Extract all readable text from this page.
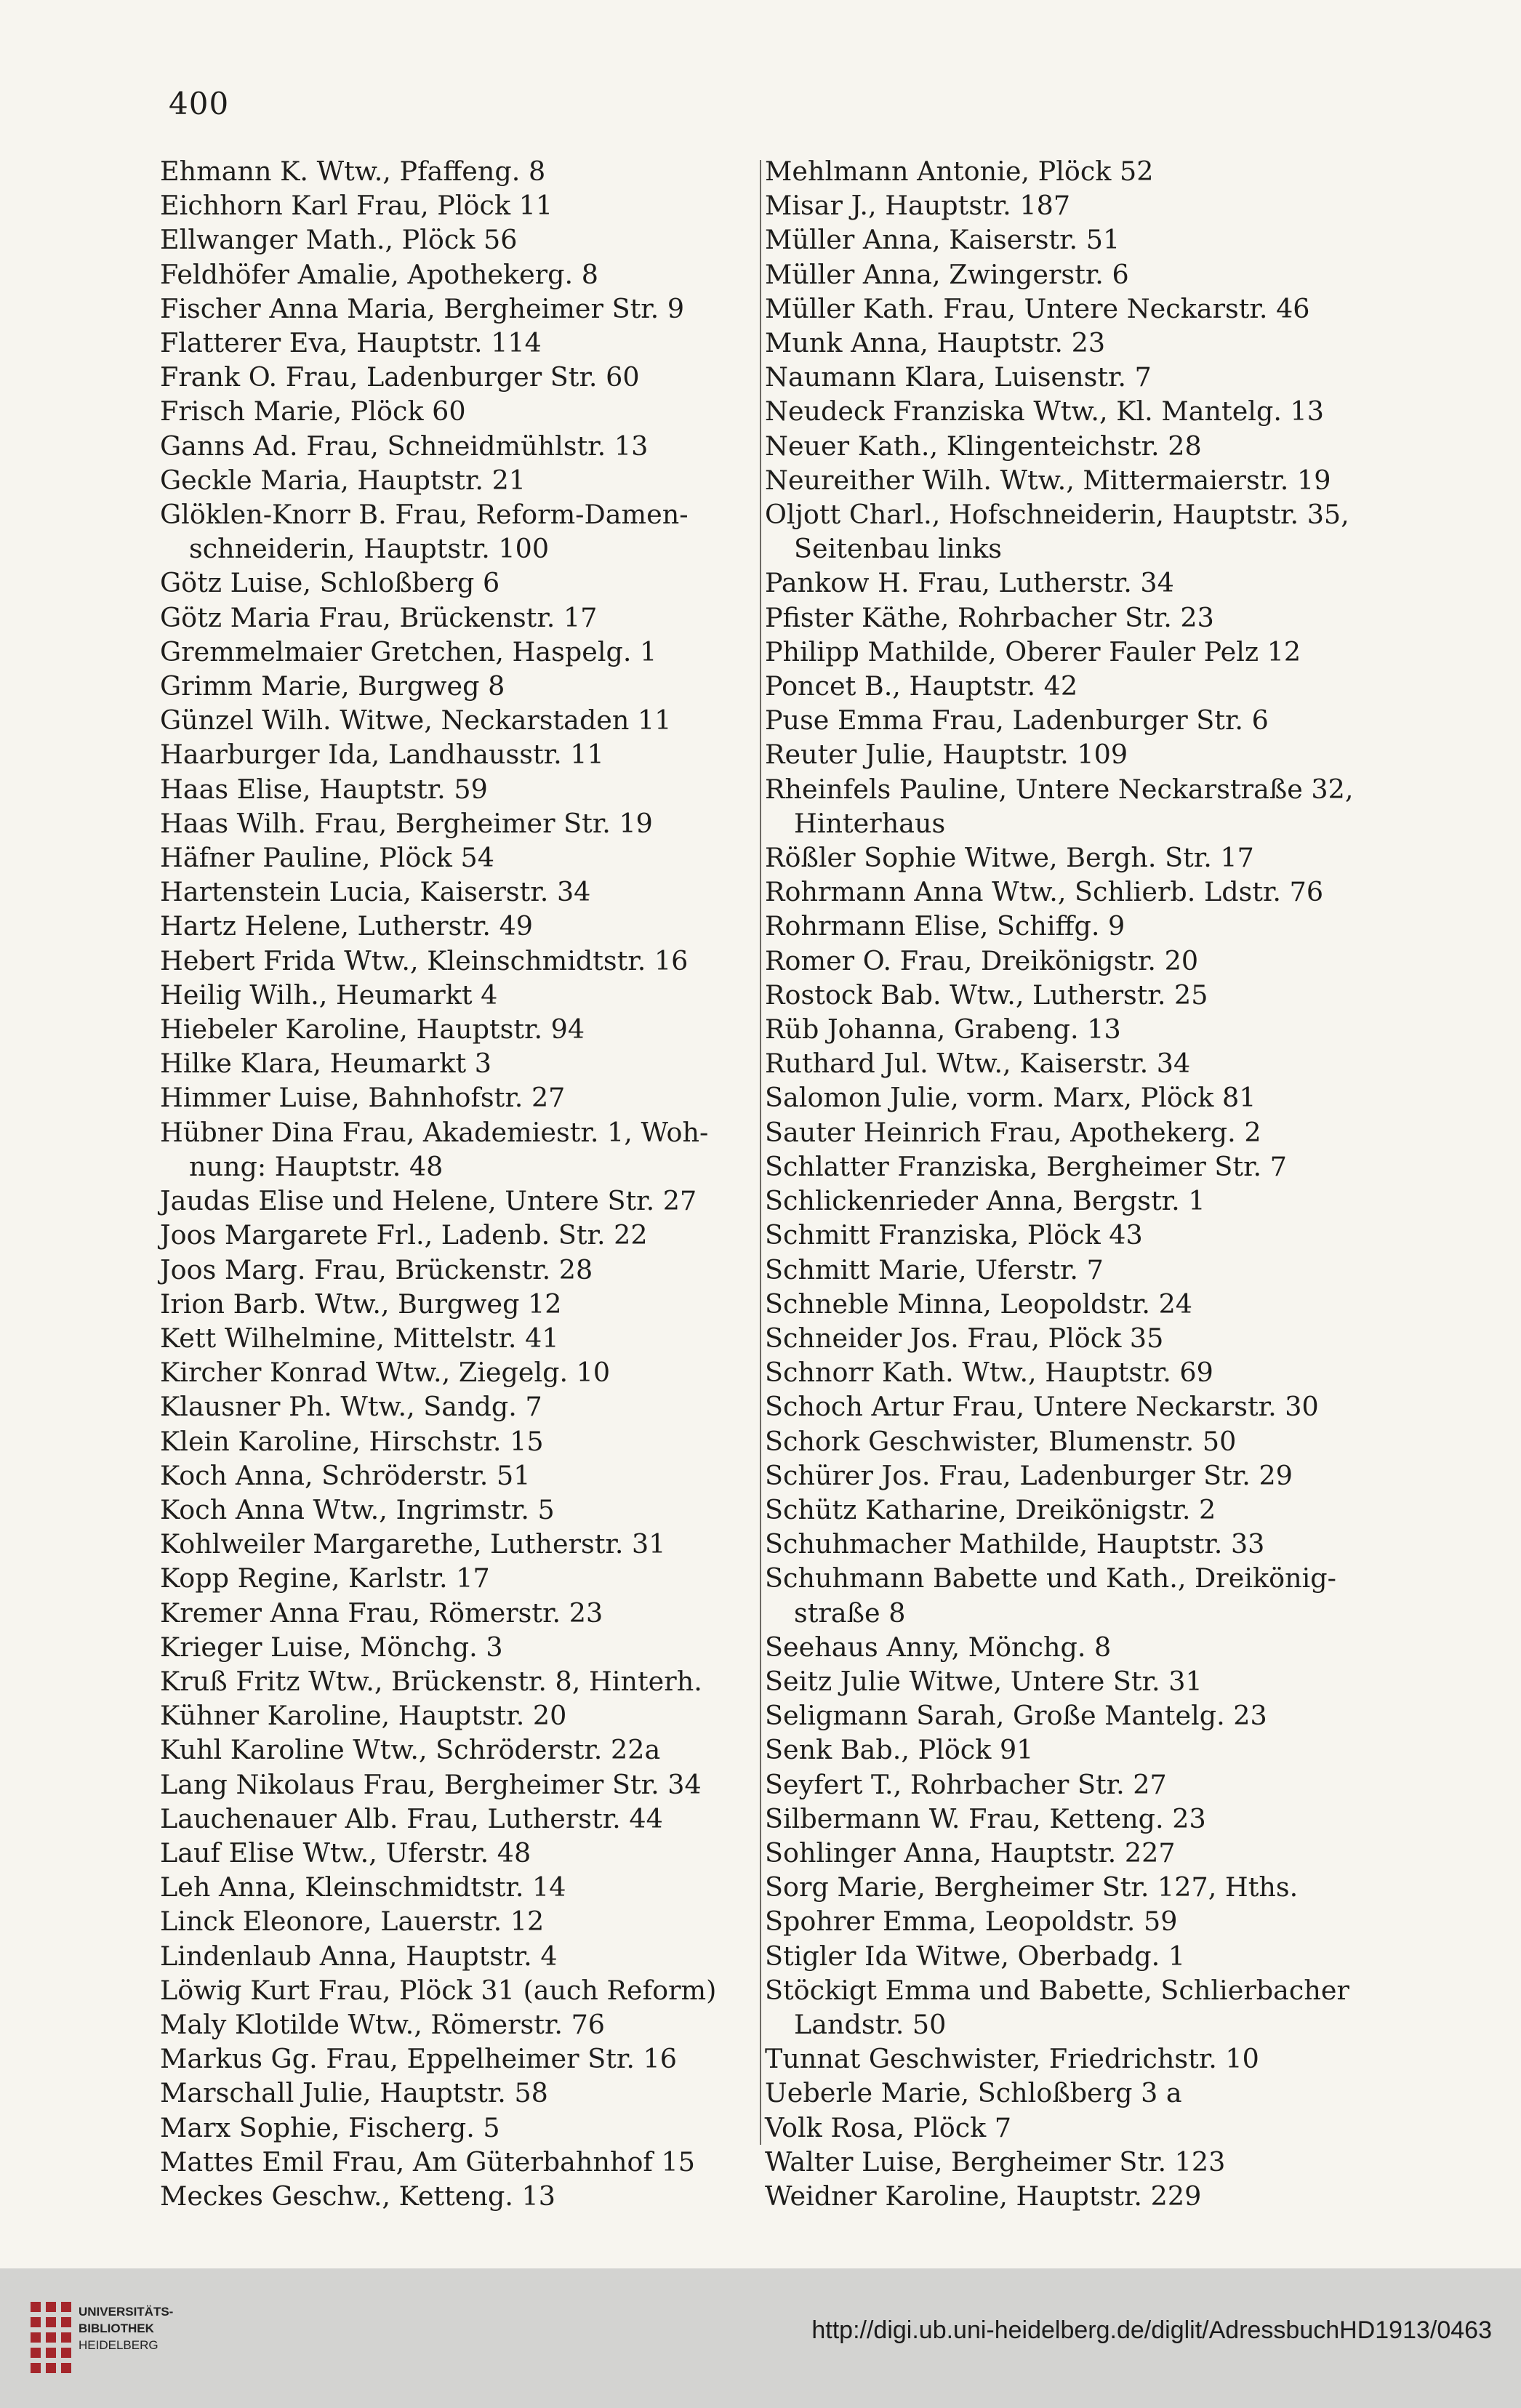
400
Ehmann K. Wtw., Pfaffeng. 8
Eichhorn Karl Frau, Plöck 11
Ellwanger Math., Plöck 56
Feldhöfer Amalie, Apothekerg. 8
Fischer Anna Maria, Bergheimer Str. 9
Flatterer Eva, Hauptstr. 114
Frank O. Frau, Ladenburger Str. 60
Frisch Marie, Plöck 60
Ganns Ad. Frau, Schneidmühlstr. 13
Geckle Maria, Hauptstr. 21
Glöklen-Knorr B. Frau, Reform-Damen-
schneiderin, Hauptstr. 100
Götz Luise, Schloßberg 6
Götz Maria Frau, Brückenstr. 17
Gremmelmaier Gretchen, Haspelg. 1
Grimm Marie, Burgweg 8
Günzel Wilh. Witwe, Neckarstaden 11
Haarburger Ida, Landhausstr. 11
Haas Elise, Hauptstr. 59
Haas Wilh. Frau, Bergheimer Str. 19
Häfner Pauline, Plöck 54
Hartenstein Lucia, Kaiserstr. 34
Hartz Helene, Lutherstr. 49
Hebert Frida Wtw., Kleinschmidtstr. 16
Heilig Wilh., Heumarkt 4
Hiebeler Karoline, Hauptstr. 94
Hilke Klara, Heumarkt 3
Himmer Luise, Bahnhofstr. 27
Hübner Dina Frau, Akademiestr. 1, Woh-
nung: Hauptstr. 48
Jaudas Elise und Helene, Untere Str. 27
Joos Margarete Frl., Ladenb. Str. 22
Joos Marg. Frau, Brückenstr. 28
Irion Barb. Wtw., Burgweg 12
Kett Wilhelmine, Mittelstr. 41
Kircher Konrad Wtw., Ziegelg. 10
Klausner Ph. Wtw., Sandg. 7
Klein Karoline, Hirschstr. 15
Koch Anna, Schröderstr. 51
Koch Anna Wtw., Ingrimstr. 5
Kohlweiler Margarethe, Lutherstr. 31
Kopp Regine, Karlstr. 17
Kremer Anna Frau, Römerstr. 23
Krieger Luise, Mönchg. 3
Kruß Fritz Wtw., Brückenstr. 8, Hinterh.
Kühner Karoline, Hauptstr. 20
Kuhl Karoline Wtw., Schröderstr. 22a
Lang Nikolaus Frau, Bergheimer Str. 34
Lauchenauer Alb. Frau, Lutherstr. 44
Lauf Elise Wtw., Uferstr. 48
Leh Anna, Kleinschmidtstr. 14
Linck Eleonore, Lauerstr. 12
Lindenlaub Anna, Hauptstr. 4
Löwig Kurt Frau, Plöck 31 (auch Reform)
Maly Klotilde Wtw., Römerstr. 76
Markus Gg. Frau, Eppelheimer Str. 16
Marschall Julie, Hauptstr. 58
Marx Sophie, Fischerg. 5
Mattes Emil Frau, Am Güterbahnhof 15
Meckes Geschw., Ketteng. 13
Mehlmann Antonie, Plöck 52
Misar J., Hauptstr. 187
Müller Anna, Kaiserstr. 51
Müller Anna, Zwingerstr. 6
Müller Kath. Frau, Untere Neckarstr. 46
Munk Anna, Hauptstr. 23
Naumann Klara, Luisenstr. 7
Neudeck Franziska Wtw., Kl. Mantelg. 13
Neuer Kath., Klingenteichstr. 28
Neureither Wilh. Wtw., Mittermaierstr. 19
Oljott Charl., Hofschneiderin, Hauptstr. 35,
Seitenbau links
Pankow H. Frau, Lutherstr. 34
Pfister Käthe, Rohrbacher Str. 23
Philipp Mathilde, Oberer Fauler Pelz 12
Poncet B., Hauptstr. 42
Puse Emma Frau, Ladenburger Str. 6
Reuter Julie, Hauptstr. 109
Rheinfels Pauline, Untere Neckarstraße 32,
Hinterhaus
Rößler Sophie Witwe, Bergh. Str. 17
Rohrmann Anna Wtw., Schlierb. Ldstr. 76
Rohrmann Elise, Schiffg. 9
Romer O. Frau, Dreikönigstr. 20
Rostock Bab. Wtw., Lutherstr. 25
Rüb Johanna, Grabeng. 13
Ruthard Jul. Wtw., Kaiserstr. 34
Salomon Julie, vorm. Marx, Plöck 81
Sauter Heinrich Frau, Apothekerg. 2
Schlatter Franziska, Bergheimer Str. 7
Schlickenrieder Anna, Bergstr. 1
Schmitt Franziska, Plöck 43
Schmitt Marie, Uferstr. 7
Schneble Minna, Leopoldstr. 24
Schneider Jos. Frau, Plöck 35
Schnorr Kath. Wtw., Hauptstr. 69
Schoch Artur Frau, Untere Neckarstr. 30
Schork Geschwister, Blumenstr. 50
Schürer Jos. Frau, Ladenburger Str. 29
Schütz Katharine, Dreikönigstr. 2
Schuhmacher Mathilde, Hauptstr. 33
Schuhmann Babette und Kath., Dreikönig-
straße 8
Seehaus Anny, Mönchg. 8
Seitz Julie Witwe, Untere Str. 31
Seligmann Sarah, Große Mantelg. 23
Senk Bab., Plöck 91
Seyfert T., Rohrbacher Str. 27
Silbermann W. Frau, Ketteng. 23
Sohlinger Anna, Hauptstr. 227
Sorg Marie, Bergheimer Str. 127, Hths.
Spohrer Emma, Leopoldstr. 59
Stigler Ida Witwe, Oberbadg. 1
Stöckigt Emma und Babette, Schlierbacher
Landstr. 50
Tunnat Geschwister, Friedrichstr. 10
Ueberle Marie, Schloßberg 3 a
Volk Rosa, Plöck 7
Walter Luise, Bergheimer Str. 123
Weidner Karoline, Hauptstr. 229
UNIVERSITÄTS-
BIBLIOTHEK
HEIDELBERG
http://digi.ub.uni-heidelberg.de/diglit/AdressbuchHD1913/0463
